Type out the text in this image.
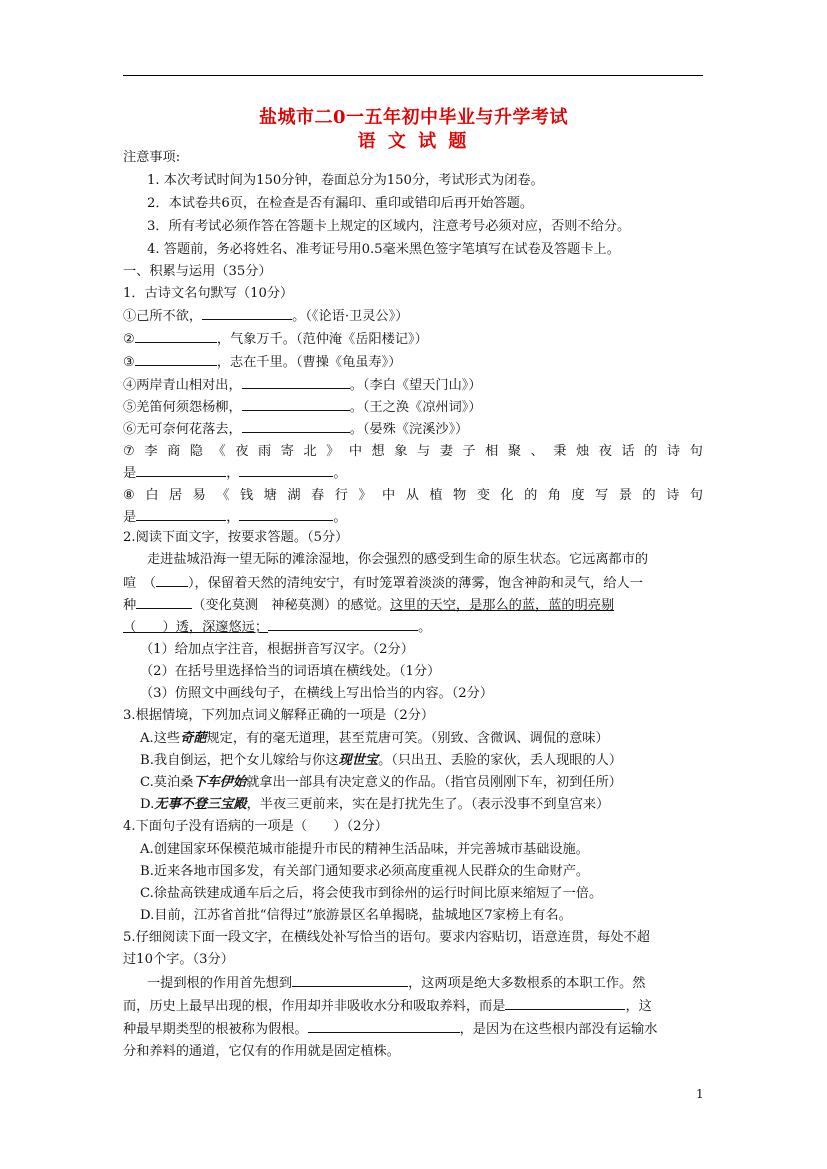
盐城市二0一五年初中毕业与升学考试
语 文 试 题
注意事项:
1. 本次考试时间为150分钟，卷面总分为150分，考试形式为闭卷。
2．本试卷共6页，在检查是否有漏印、重印或错印后再开始答题。
3．所有考试必须作答在答题卡上规定的区域内，注意考号必须对应，否则不给分。
4. 答题前，务必将姓名、准考证号用0.5毫米黑色签字笔填写在试卷及答题卡上。
一、积累与运用（35分）
1．古诗文名句默写（10分）
①己所不欲，	。（《论语·卫灵公》）
②	，气象万千。（范仲淹《岳阳楼记》）
③	，志在千里。（曹操《龟虽寿》）
④两岸青山相对出，	。（李白《望天门山》）
⑤羌笛何须怨杨柳，	。（王之涣《凉州词》）
⑥无可奈何花落去，	。（晏殊《浣溪沙》）
⑦ 李 商 隐 《 夜 雨 寄 北 》 中 想 象 与 妻 子 相 聚 、 秉 烛 夜 话 的 诗 句
是	，	。
⑧ 白 居 易 《 钱 塘 湖 春 行 》 中 从 植 物 变 化 的 角 度 写 景 的 诗 句
是	，	。
2.阅读下面文字，按要求答题。（5分）
走进盐城沿海一望无际的滩涂湿地，你会强烈的感受到生命的原生状态。它远离都市的
喧　（ ），保留着天然的清纯安宁，有时笼罩着淡淡的薄雾，饱含神韵和灵气，给人一
种	（变化莫测　神秘莫测）的感觉。这里的天空，是那么的蓝，蓝的明亮剔
（　　）透，深邃悠远；	。
（1）给加点字注音，根据拼音写汉字。（2分）
（2）在括号里选择恰当的词语填在横线处。（1分）
（3）仿照文中画线句子，在横线上写出恰当的内容。（2分）
3.根据情境，下列加点词义解释正确的一项是（2分）
A.这些奇葩规定，有的毫无道理，甚至荒唐可笑。（别致、含微讽、调侃的意味）
B.我自倒运，把个女儿嫁给与你这现世宝。（只出丑、丢脸的家伙，丢人现眼的人）
C.莫泊桑下车伊始就拿出一部具有决定意义的作品。（指官员刚刚下车，初到任所）
D.无事不登三宝殿，半夜三更前来，实在是打扰先生了。（表示没事不到皇宫来）
4.下面句子没有语病的一项是（　　）（2分）
A.创建国家环保模范城市能提升市民的精神生活品味，并完善城市基础设施。
B.近来各地市国多发，有关部门通知要求必须高度重视人民群众的生命财产。
C.徐盐高铁建成通车后之后，将会使我市到徐州的运行时间比原来缩短了一倍。
D.目前，江苏省首批“信得过”旅游景区名单揭晓，盐城地区7家榜上有名。
5.仔细阅读下面一段文字，在横线处补写恰当的语句。要求内容贴切，语意连贯，每处不超
过10个字。（3分）
一提到根的作用首先想到	，这两项是绝大多数根系的本职工作。然
而，历史上最早出现的根，作用却并非吸收水分和吸取养料，而是	，这
种最早期类型的根被称为假根。	，是因为在这些根内部没有运输水
分和养料的通道，它仅有的作用就是固定植株。
1
